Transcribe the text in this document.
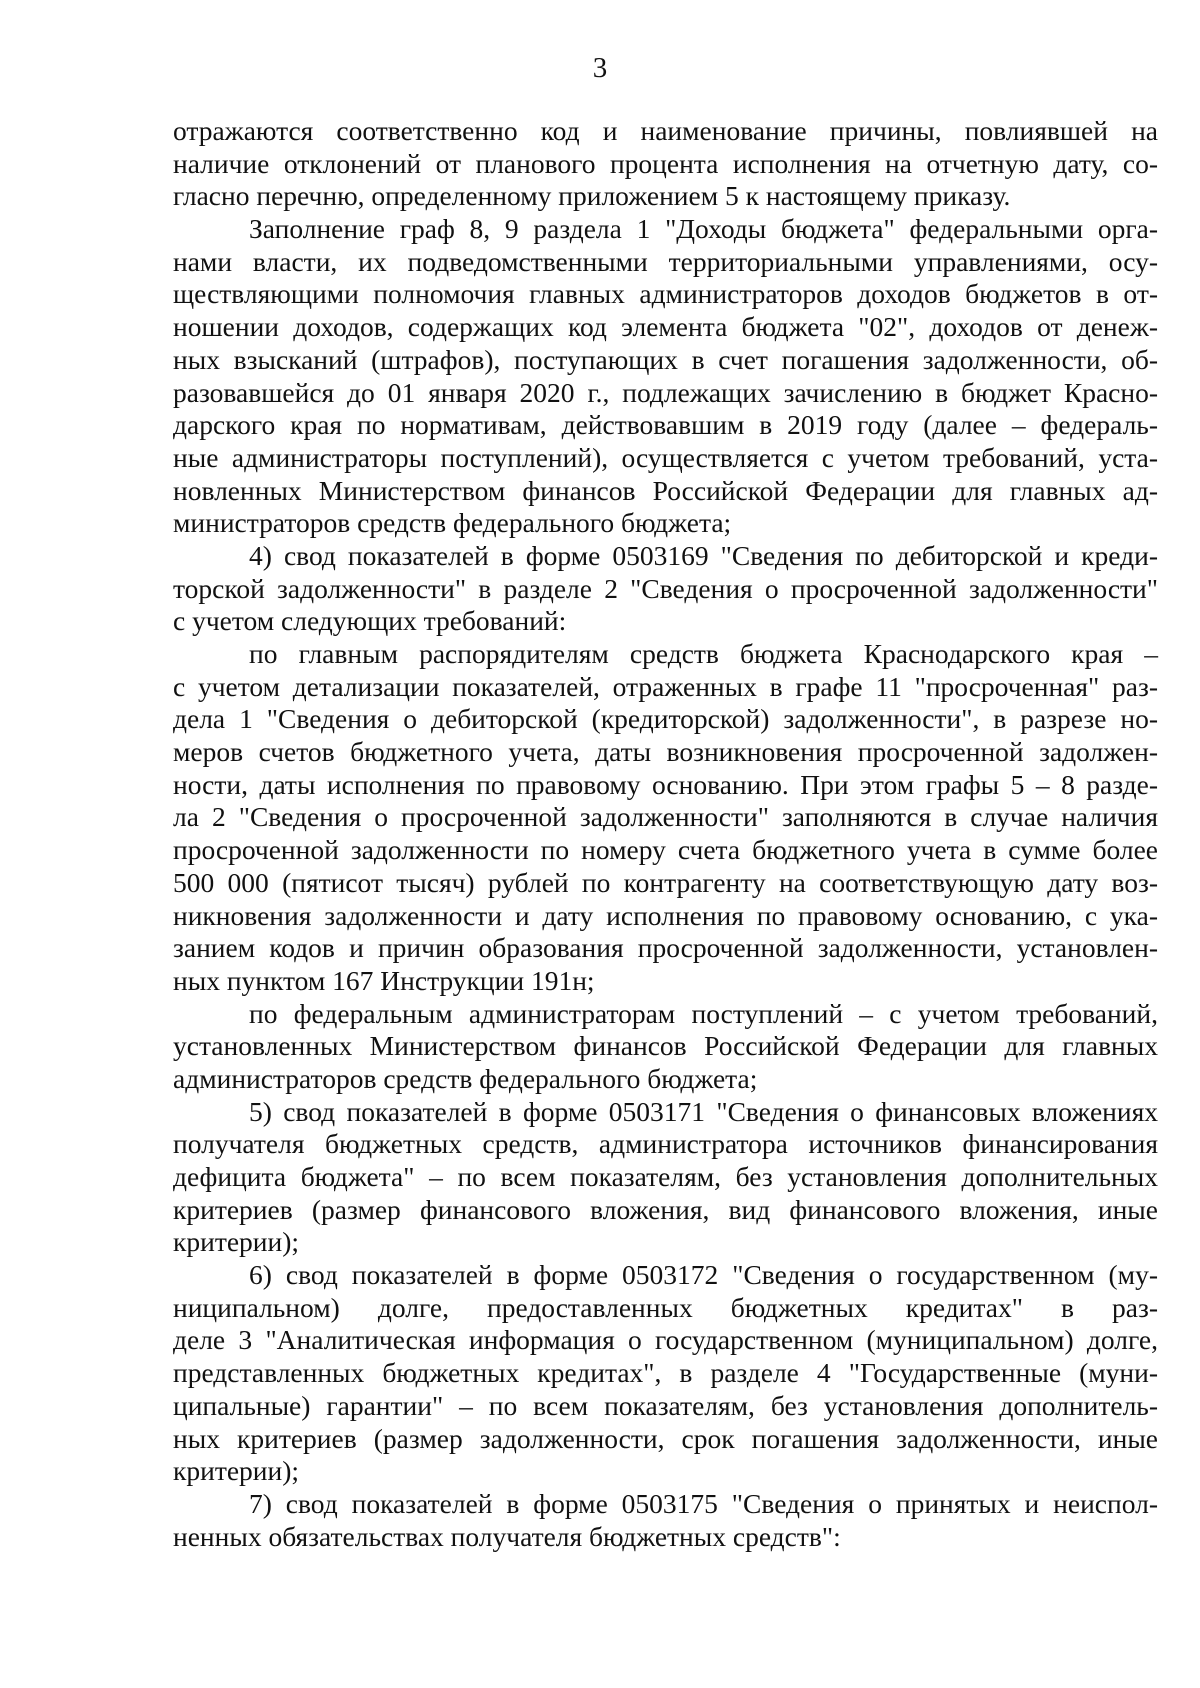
3
отражаются соответственно код и наименование причины, повлиявшей на
наличие отклонений от планового процента исполнения на отчетную дату, со-
гласно перечню, определенному приложением 5 к настоящему приказу.
Заполнение граф 8, 9 раздела 1 "Доходы бюджета" федеральными орга-
нами власти, их подведомственными территориальными управлениями, осу-
ществляющими полномочия главных администраторов доходов бюджетов в от-
ношении доходов, содержащих код элемента бюджета "02", доходов от денеж-
ных взысканий (штрафов), поступающих в счет погашения задолженности, об-
разовавшейся до 01 января 2020 г., подлежащих зачислению в бюджет Красно-
дарского края по нормативам, действовавшим в 2019 году (далее – федераль-
ные администраторы поступлений), осуществляется с учетом требований, уста-
новленных Министерством финансов Российской Федерации для главных ад-
министраторов средств федерального бюджета;
4) свод показателей в форме 0503169 "Сведения по дебиторской и креди-
торской задолженности" в разделе 2 "Сведения о просроченной задолженности"
с учетом следующих требований:
по главным распорядителям средств бюджета Краснодарского края –
с учетом детализации показателей, отраженных в графе 11 "просроченная" раз-
дела 1 "Сведения о дебиторской (кредиторской) задолженности", в разрезе но-
меров счетов бюджетного учета, даты возникновения просроченной задолжен-
ности, даты исполнения по правовому основанию. При этом графы 5 – 8 разде-
ла 2 "Сведения о просроченной задолженности" заполняются в случае наличия
просроченной задолженности по номеру счета бюджетного учета в сумме более
500 000 (пятисот тысяч) рублей по контрагенту на соответствующую дату воз-
никновения задолженности и дату исполнения по правовому основанию, с ука-
занием кодов и причин образования просроченной задолженности, установлен-
ных пунктом 167 Инструкции 191н;
по федеральным администраторам поступлений – с учетом требований,
установленных Министерством финансов Российской Федерации для главных
администраторов средств федерального бюджета;
5) свод показателей в форме 0503171 "Сведения о финансовых вложениях
получателя бюджетных средств, администратора источников финансирования
дефицита бюджета" – по всем показателям, без установления дополнительных
критериев (размер финансового вложения, вид финансового вложения, иные
критерии);
6) свод показателей в форме 0503172 "Сведения о государственном (му-
ниципальном) долге, предоставленных бюджетных кредитах" в раз-
деле 3 "Аналитическая информация о государственном (муниципальном) долге,
представленных бюджетных кредитах", в разделе 4 "Государственные (муни-
ципальные) гарантии" – по всем показателям, без установления дополнитель-
ных критериев (размер задолженности, срок погашения задолженности, иные
критерии);
7) свод показателей в форме 0503175 "Сведения о принятых и неиспол-
ненных обязательствах получателя бюджетных средств":
